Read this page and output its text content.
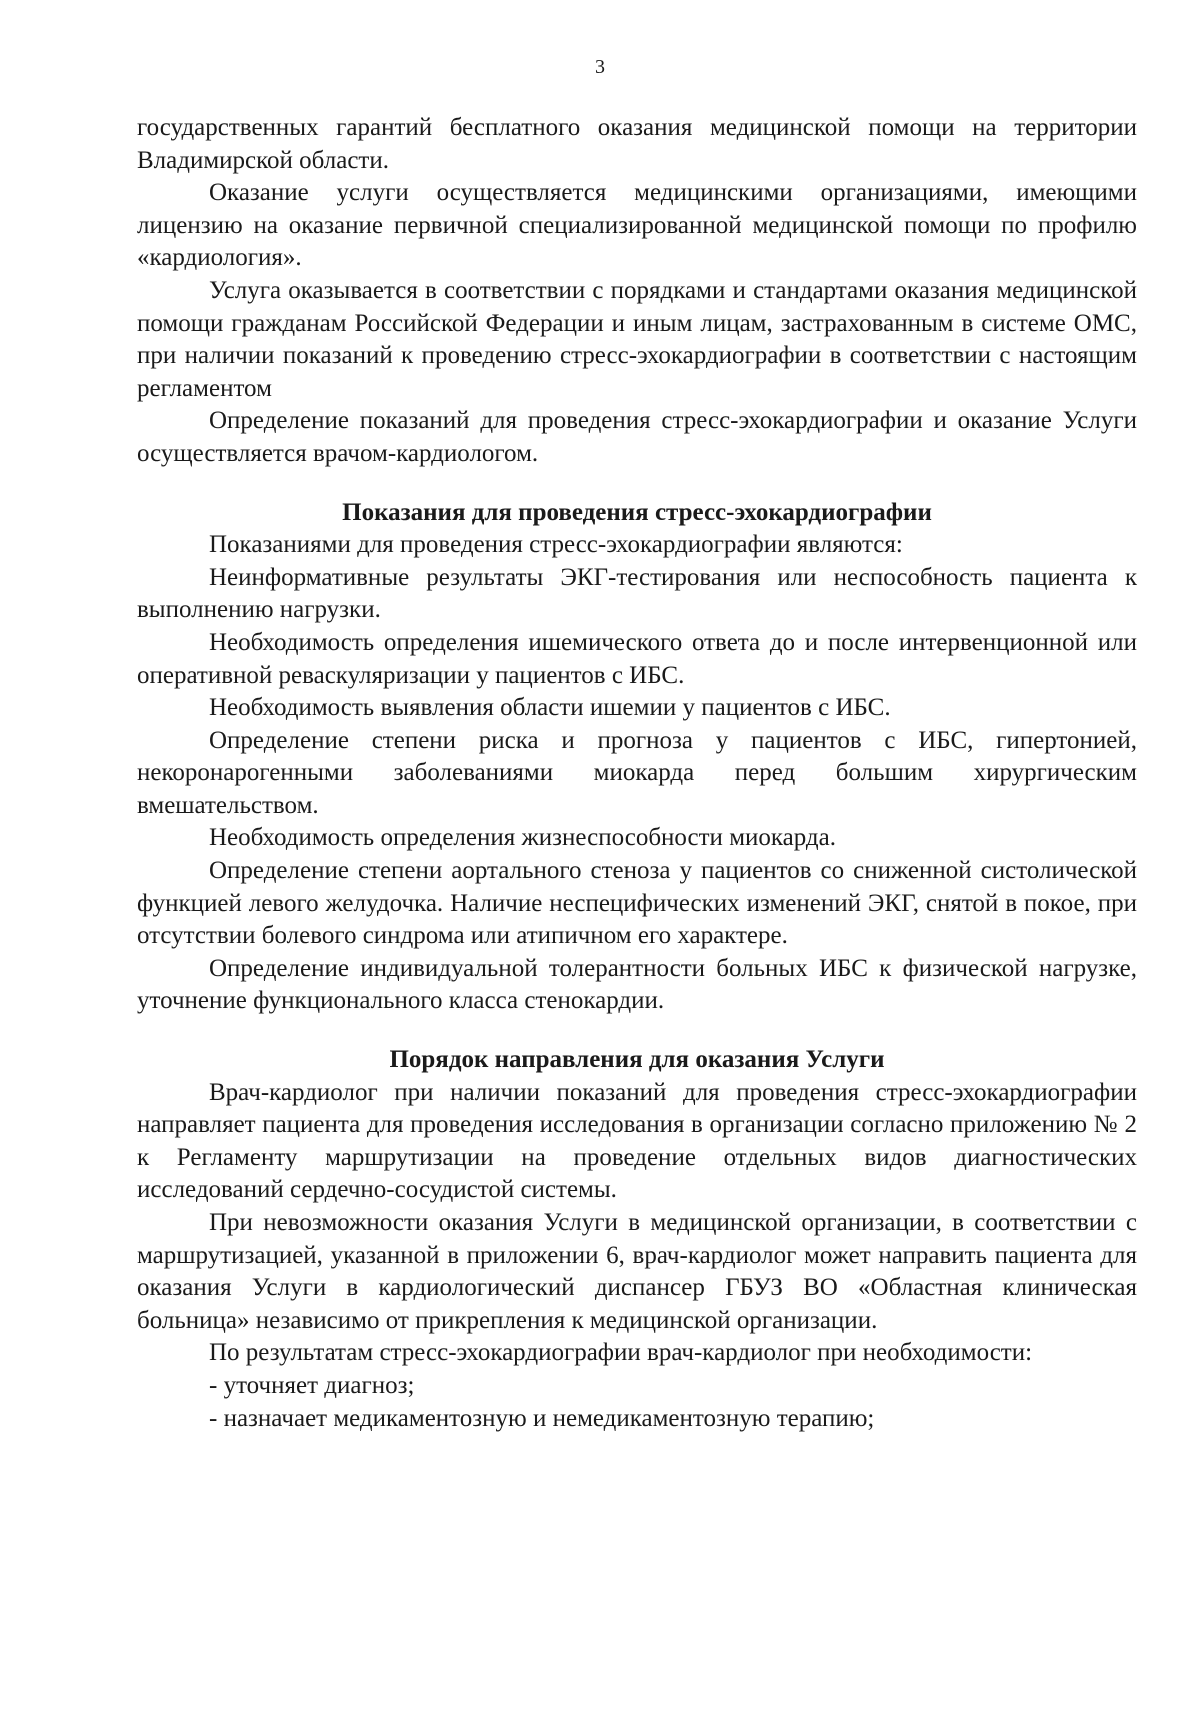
3

государственных гарантий бесплатного оказания медицинской помощи на территории Владимирской области.

Оказание услуги осуществляется медицинскими организациями, имеющими лицензию на оказание первичной специализированной медицинской помощи по профилю «кардиология».

Услуга оказывается в соответствии с порядками и стандартами оказания медицинской помощи гражданам Российской Федерации и иным лицам, застрахованным в системе ОМС, при наличии показаний к проведению стресс-эхокардиографии в соответствии с настоящим регламентом

Определение показаний для проведения стресс-эхокардиографии и оказание Услуги осуществляется врачом-кардиологом.

Показания для проведения стресс-эхокардиографии

Показаниями для проведения стресс-эхокардиографии являются:

Неинформативные результаты ЭКГ-тестирования или неспособность пациента к выполнению нагрузки.

Необходимость определения ишемического ответа до и после интервенционной или оперативной реваскуляризации у пациентов с ИБС.

Необходимость выявления области ишемии у пациентов с ИБС.

Определение степени риска и прогноза у пациентов с ИБС, гипертонией, некоронарогенными заболеваниями миокарда перед большим хирургическим вмешательством.

Необходимость определения жизнеспособности миокарда.

Определение степени аортального стеноза у пациентов со сниженной систолической функцией левого желудочка. Наличие неспецифических изменений ЭКГ, снятой в покое, при отсутствии болевого синдрома или атипичном его характере.

Определение индивидуальной толерантности больных ИБС к физической нагрузке, уточнение функционального класса стенокардии.

Порядок направления для оказания Услуги

Врач-кардиолог при наличии показаний для проведения стресс-эхокардиографии направляет пациента для проведения исследования в организации согласно приложению № 2 к Регламенту маршрутизации на проведение отдельных видов диагностических исследований сердечно-сосудистой системы.

При невозможности оказания Услуги в медицинской организации, в соответствии с маршрутизацией, указанной в приложении 6, врач-кардиолог может направить пациента для оказания Услуги в кардиологический диспансер ГБУЗ ВО «Областная клиническая больница» независимо от прикрепления к медицинской организации.

По результатам стресс-эхокардиографии врач-кардиолог при необходимости:

- уточняет диагноз;

- назначает медикаментозную и немедикаментозную терапию;
